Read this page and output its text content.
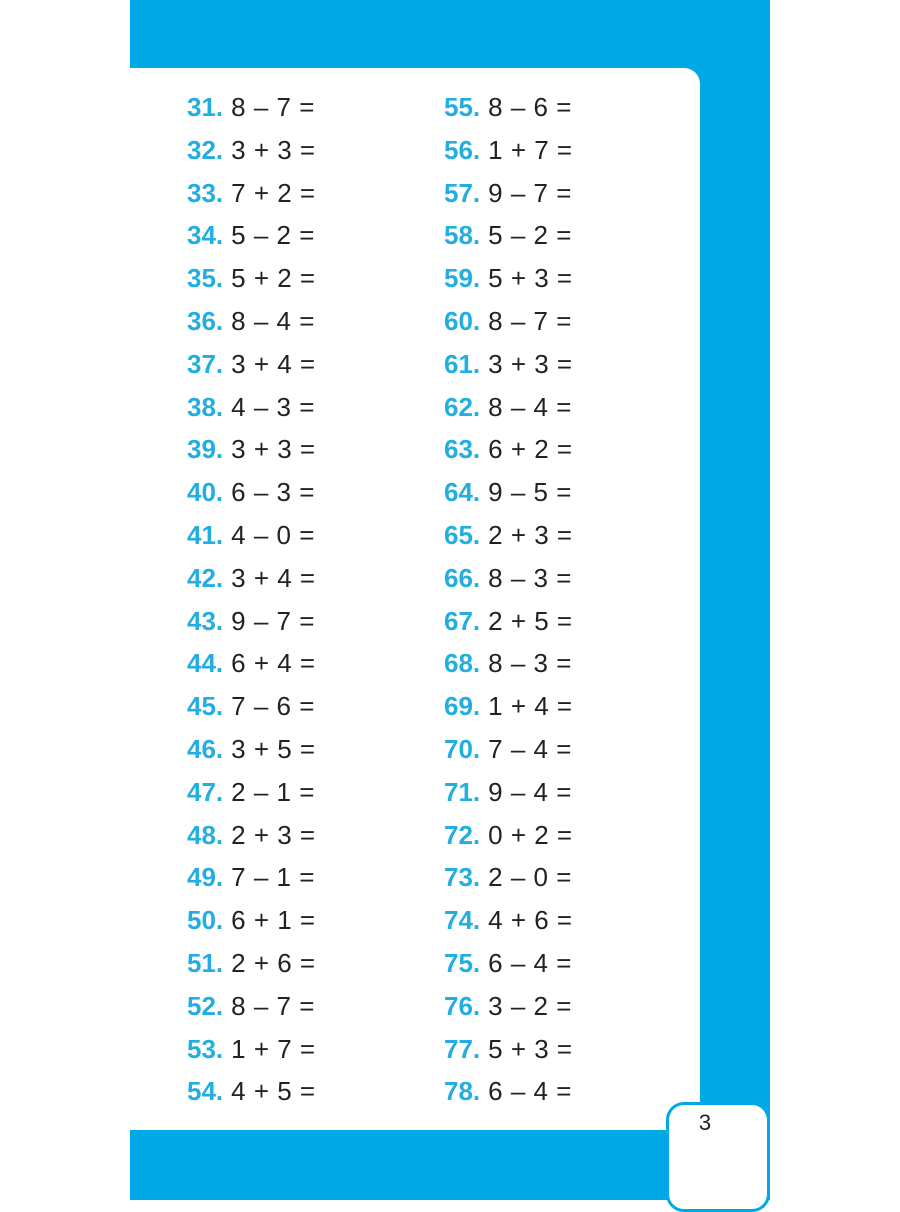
31. 8 – 7 =
32. 3 + 3 =
33. 7 + 2 =
34. 5 – 2 =
35. 5 + 2 =
36. 8 – 4 =
37. 3 + 4 =
38. 4 – 3 =
39. 3 + 3 =
40. 6 – 3 =
41. 4 – 0 =
42. 3 + 4 =
43. 9 – 7 =
44. 6 + 4 =
45. 7 – 6 =
46. 3 + 5 =
47. 2 – 1 =
48. 2 + 3 =
49. 7 – 1 =
50. 6 + 1 =
51. 2 + 6 =
52. 8 – 7 =
53. 1 + 7 =
54. 4 + 5 =
55. 8 – 6 =
56. 1 + 7 =
57. 9 – 7 =
58. 5 – 2 =
59. 5 + 3 =
60. 8 – 7 =
61. 3 + 3 =
62. 8 – 4 =
63. 6 + 2 =
64. 9 – 5 =
65. 2 + 3 =
66. 8 – 3 =
67. 2 + 5 =
68. 8 – 3 =
69. 1 + 4 =
70. 7 – 4 =
71. 9 – 4 =
72. 0 + 2 =
73. 2 – 0 =
74. 4 + 6 =
75. 6 – 4 =
76. 3 – 2 =
77. 5 + 3 =
78. 6 – 4 =
3
